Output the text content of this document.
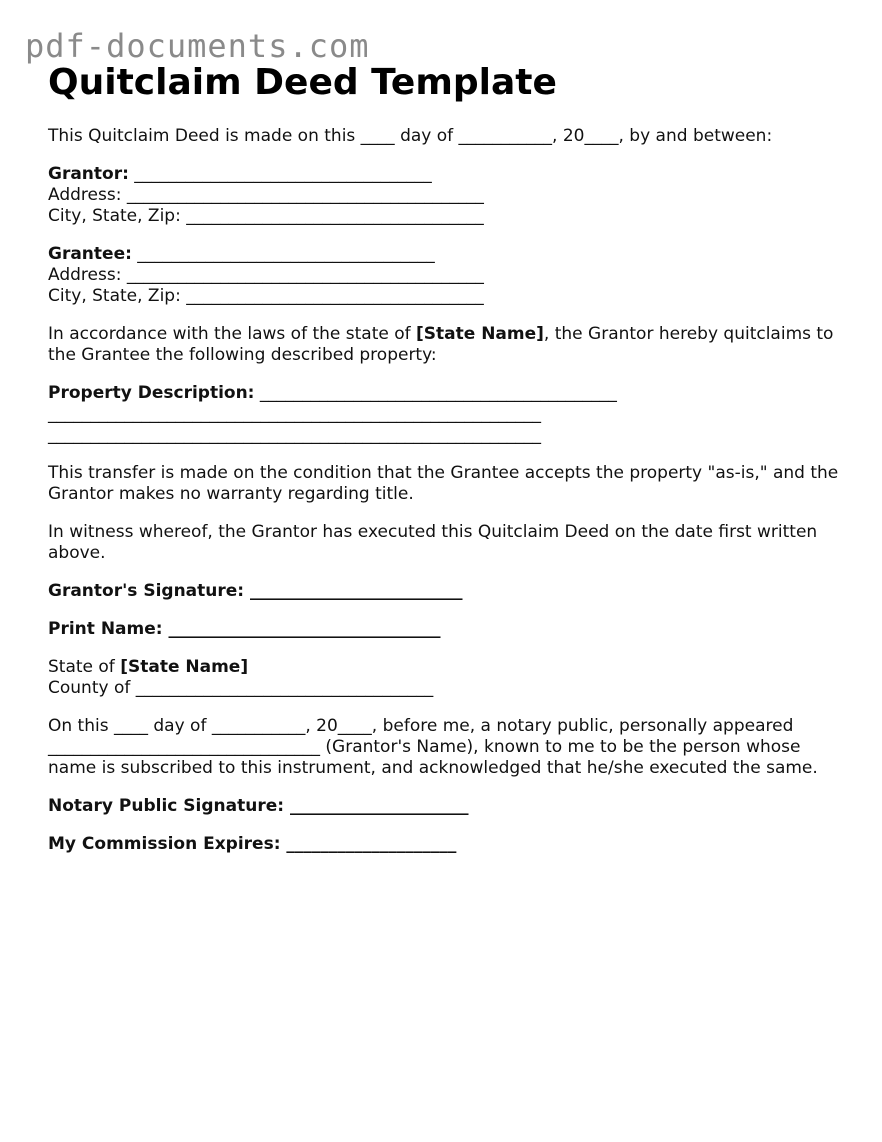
pdf-documents.com
Quitclaim Deed Template

This Quitclaim Deed is made on this ____ day of ___________, 20____, by and between:

Grantor: ___________________________________
Address: __________________________________________
City, State, Zip: ___________________________________

Grantee: ___________________________________
Address: __________________________________________
City, State, Zip: ___________________________________

In accordance with the laws of the state of [State Name], the Grantor hereby quitclaims to the Grantee the following described property:

Property Description: __________________________________________
__________________________________________________________
__________________________________________________________

This transfer is made on the condition that the Grantee accepts the property "as-is," and the Grantor makes no warranty regarding title.

In witness whereof, the Grantor has executed this Quitclaim Deed on the date first written above.

Grantor's Signature: _________________________

Print Name: ________________________________

State of [State Name]
County of ___________________________________

On this ____ day of ___________, 20____, before me, a notary public, personally appeared ________________________________ (Grantor's Name), known to me to be the person whose name is subscribed to this instrument, and acknowledged that he/she executed the same.

Notary Public Signature: _____________________

My Commission Expires: ____________________
